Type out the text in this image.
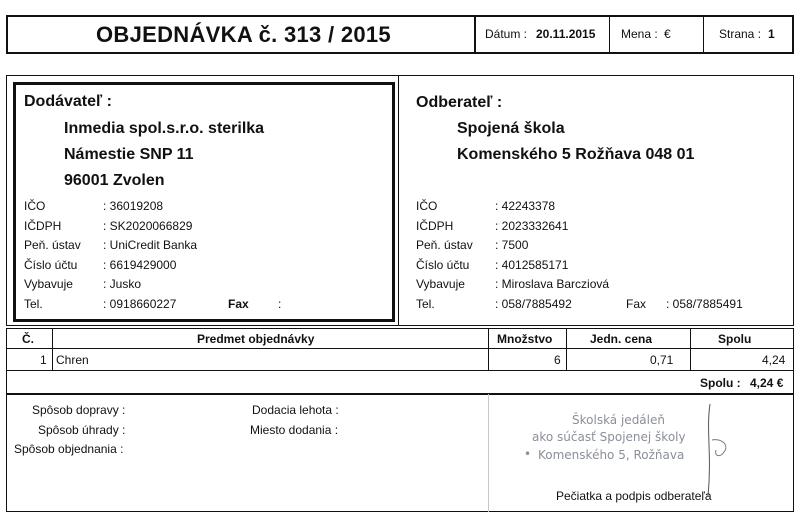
OBJEDNÁVKA č. 313 / 2015	Dátum : 20.11.2015 Mena : €	Strana : 1
Dodávateľ :
Inmedia spol.s.r.o. sterilka
Námestie SNP 11
96001 Zvolen
IČO	: 36019208
IČDPH	: SK2020066829
Peň. ústav : UniCredit Banka
Číslo účtu : 6619429000
Vybavuje	: Jusko
Tel.	: 0918660227	Fax :
Odberateľ :
Spojená škola
Komenského 5 Rožňava 048 01
IČO	: 42243378
IČDPH	: 2023332641
Peň. ústav : 7500
Číslo účtu : 4012585171
Vybavuje	: Miroslava Barcziová
Tel.	: 058/7885492	Fax : 058/7885491
Č.	Predmet objednávky	Množstvo	Jedn. cena	Spolu
1 Chren	6	0,71	4,24
Spolu : 4,24 €
Spôsob dopravy :
Spôsob úhrady :
Spôsob objednania :
Dodacia lehota :
Miesto dodania :
Školská jedáleň
ako súčasť Spojenej školy
Komenského 5, Rožňava
•
Pečiatka a podpis odberateľa
